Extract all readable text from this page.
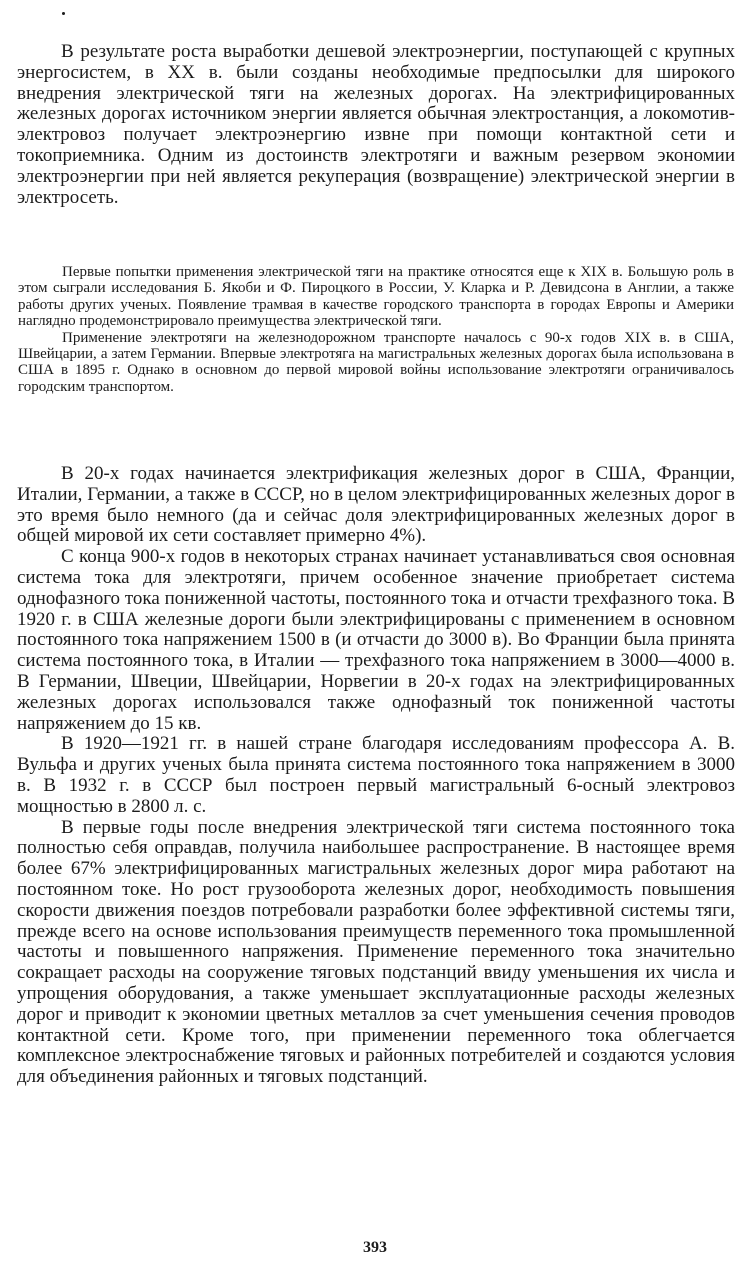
В результате роста выработки дешевой электроэнергии, поступающей с крупных энергосистем, в XX в. были созданы необходимые предпосылки для широкого внедрения электрической тяги на железных дорогах. На электрифицированных железных дорогах источником энергии является обычная электростанция, а локомотив-электровоз получает электроэнергию извне при помощи контактной сети и токоприемника. Одним из достоинств электротяги и важным резервом экономии электроэнергии при ней является рекуперация (возвращение) электрической энергии в электросеть.

Первые попытки применения электрической тяги на практике относятся еще к XIX в. Большую роль в этом сыграли исследования Б. Якоби и Ф. Пироцкого в России, У. Кларка и Р. Девидсона в Англии, а также работы других ученых. Появление трамвая в качестве городского транспорта в городах Европы и Америки наглядно продемонстрировало преимущества электрической тяги.

Применение электротяги на железнодорожном транспорте началось с 90-х годов XIX в. в США, Швейцарии, а затем Германии. Впервые электротяга на магистральных железных дорогах была использована в США в 1895 г. Однако в основном до первой мировой войны использование электротяги ограничивалось городским транспортом.

В 20-х годах начинается электрификация железных дорог в США, Франции, Италии, Германии, а также в СССР, но в целом электрифицированных железных дорог в это время было немного (да и сейчас доля электрифицированных железных дорог в общей мировой их сети составляет примерно 4%).

С конца 900-х годов в некоторых странах начинает устанавливаться своя основная система тока для электротяги, причем особенное значение приобретает система однофазного тока пониженной частоты, постоянного тока и отчасти трехфазного тока. В 1920 г. в США железные дороги были электрифицированы с применением в основном постоянного тока напряжением 1500 в (и отчасти до 3000 в). Во Франции была принята система постоянного тока, в Италии — трехфазного тока напряжением в 3000—4000 в. В Германии, Швеции, Швейцарии, Норвегии в 20-х годах на электрифицированных железных дорогах использовался также однофазный ток пониженной частоты напряжением до 15 кв.

В 1920—1921 гг. в нашей стране благодаря исследованиям профессора А. В. Вульфа и других ученых была принята система постоянного тока напряжением в 3000 в. В 1932 г. в СССР был построен первый магистральный 6-осный электровоз мощностью в 2800 л. с.

В первые годы после внедрения электрической тяги система постоянного тока полностью себя оправдав, получила наибольшее распространение. В настоящее время более 67% электрифицированных магистральных железных дорог мира работают на постоянном токе. Но рост грузооборота железных дорог, необходимость повышения скорости движения поездов потребовали разработки более эффективной системы тяги, прежде всего на основе использования преимуществ переменного тока промышленной частоты и повышенного напряжения. Применение переменного тока значительно сокращает расходы на сооружение тяговых подстанций ввиду уменьшения их числа и упрощения оборудования, а также уменьшает эксплуатационные расходы железных дорог и приводит к экономии цветных металлов за счет уменьшения сечения проводов контактной сети. Кроме того, при применении переменного тока облегчается комплексное электроснабжение тяговых и районных потребителей и создаются условия для объединения районных и тяговых подстанций.

393
